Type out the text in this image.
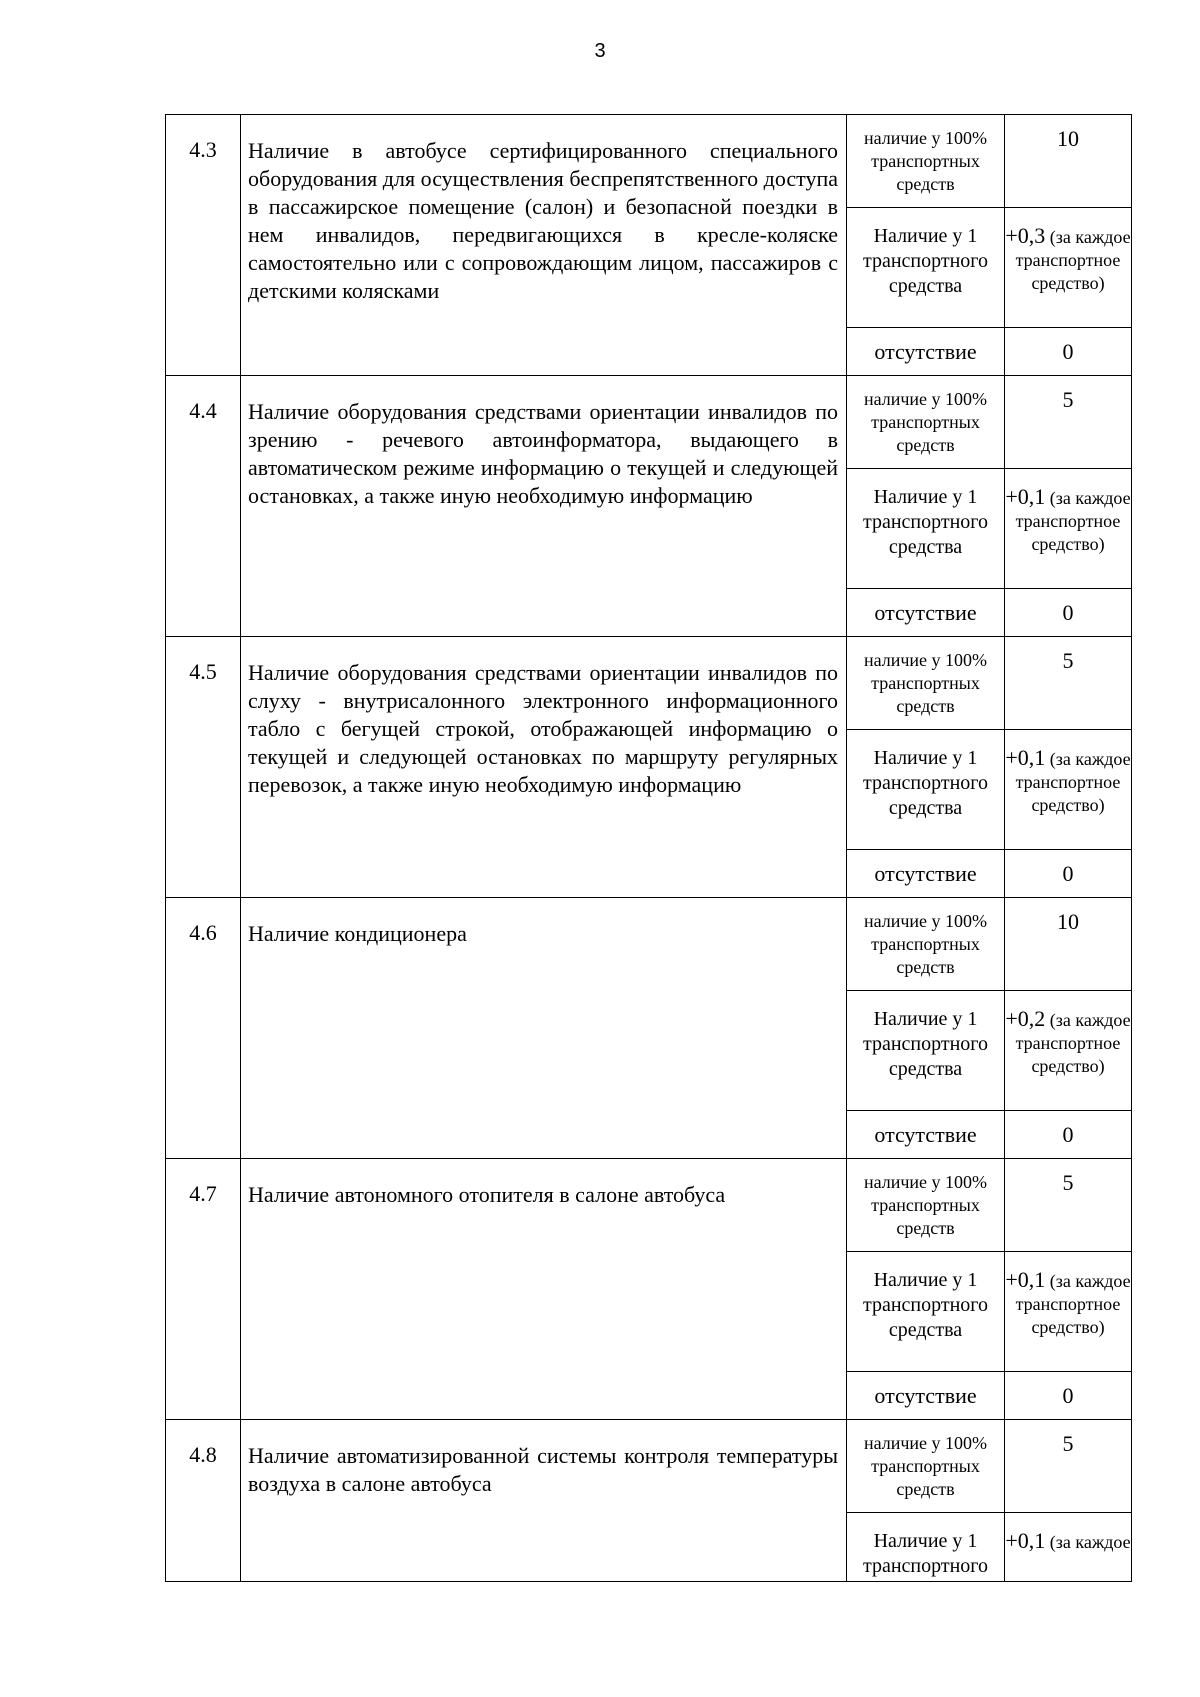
3
4.3	Наличие в автобусе сертифицированного специального оборудования для осуществления беспрепятственного доступа в пассажирское помещение (салон) и безопасной поездки в нем инвалидов, передвигающихся в кресле-коляске самостоятельно или с сопровождающим лицом, пассажиров с детскими колясками	наличие у 100% транспортных средств	10
		Наличие у 1 транспортного средства	+0,3 (за каждое транспортное средство)
		отсутствие	0
4.4	Наличие оборудования средствами ориентации инвалидов по зрению - речевого автоинформатора, выдающего в автоматическом режиме информацию о текущей и следующей остановках, а также иную необходимую информацию	наличие у 100% транспортных средств	5
		Наличие у 1 транспортного средства	+0,1 (за каждое транспортное средство)
		отсутствие	0
4.5	Наличие оборудования средствами ориентации инвалидов по слуху - внутрисалонного электронного информационного табло с бегущей строкой, отображающей информацию о текущей и следующей остановках по маршруту регулярных перевозок, а также иную необходимую информацию	наличие у 100% транспортных средств	5
		Наличие у 1 транспортного средства	+0,1 (за каждое транспортное средство)
		отсутствие	0
4.6	Наличие кондиционера	наличие у 100% транспортных средств	10
		Наличие у 1 транспортного средства	+0,2 (за каждое транспортное средство)
		отсутствие	0
4.7	Наличие автономного отопителя в салоне автобуса	наличие у 100% транспортных средств	5
		Наличие у 1 транспортного средства	+0,1 (за каждое транспортное средство)
		отсутствие	0
4.8	Наличие автоматизированной системы контроля температуры воздуха в салоне автобуса	наличие у 100% транспортных средств	5
		Наличие у 1 транспортного	+0,1 (за каждое
